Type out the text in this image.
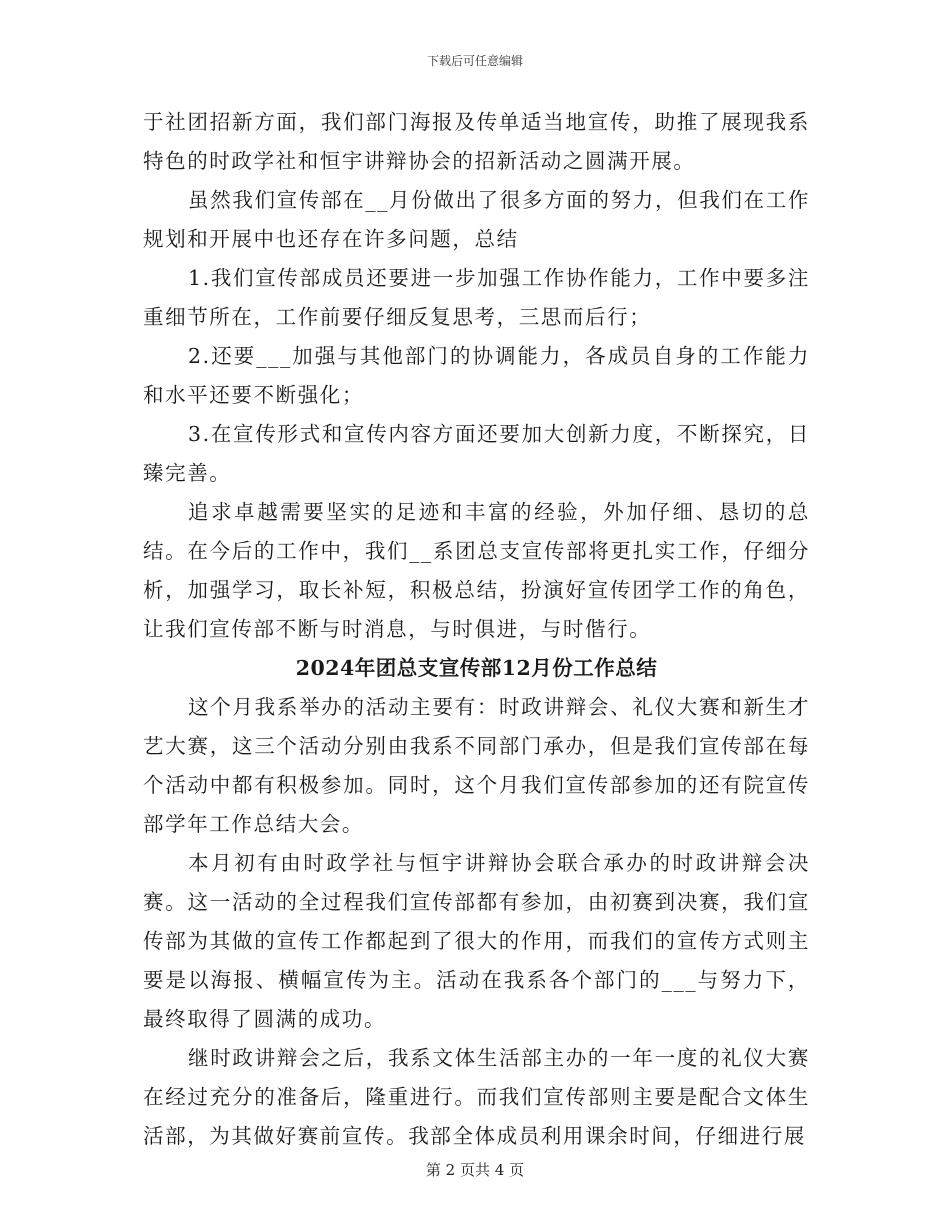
下载后可任意编辑

于社团招新方面，我们部门海报及传单适当地宣传，助推了展现我系特色的时政学社和恒宇讲辩协会的招新活动之圆满开展。

虽然我们宣传部在__月份做出了很多方面的努力，但我们在工作规划和开展中也还存在许多问题，总结

1.我们宣传部成员还要进一步加强工作协作能力，工作中要多注重细节所在，工作前要仔细反复思考，三思而后行；

2.还要___加强与其他部门的协调能力，各成员自身的工作能力和水平还要不断强化；

3.在宣传形式和宣传内容方面还要加大创新力度，不断探究，日臻完善。

追求卓越需要坚实的足迹和丰富的经验，外加仔细、恳切的总结。在今后的工作中，我们__系团总支宣传部将更扎实工作，仔细分析，加强学习，取长补短，积极总结，扮演好宣传团学工作的角色，让我们宣传部不断与时消息，与时俱进，与时偕行。

2024年团总支宣传部12月份工作总结

这个月我系举办的活动主要有：时政讲辩会、礼仪大赛和新生才艺大赛，这三个活动分别由我系不同部门承办，但是我们宣传部在每个活动中都有积极参加。同时，这个月我们宣传部参加的还有院宣传部学年工作总结大会。

本月初有由时政学社与恒宇讲辩协会联合承办的时政讲辩会决赛。这一活动的全过程我们宣传部都有参加，由初赛到决赛，我们宣传部为其做的宣传工作都起到了很大的作用，而我们的宣传方式则主要是以海报、横幅宣传为主。活动在我系各个部门的___与努力下，最终取得了圆满的成功。

继时政讲辩会之后，我系文体生活部主办的一年一度的礼仪大赛在经过充分的准备后，隆重进行。而我们宣传部则主要是配合文体生活部，为其做好赛前宣传。我部全体成员利用课余时间，仔细进行展

第 2 页共 4 页
